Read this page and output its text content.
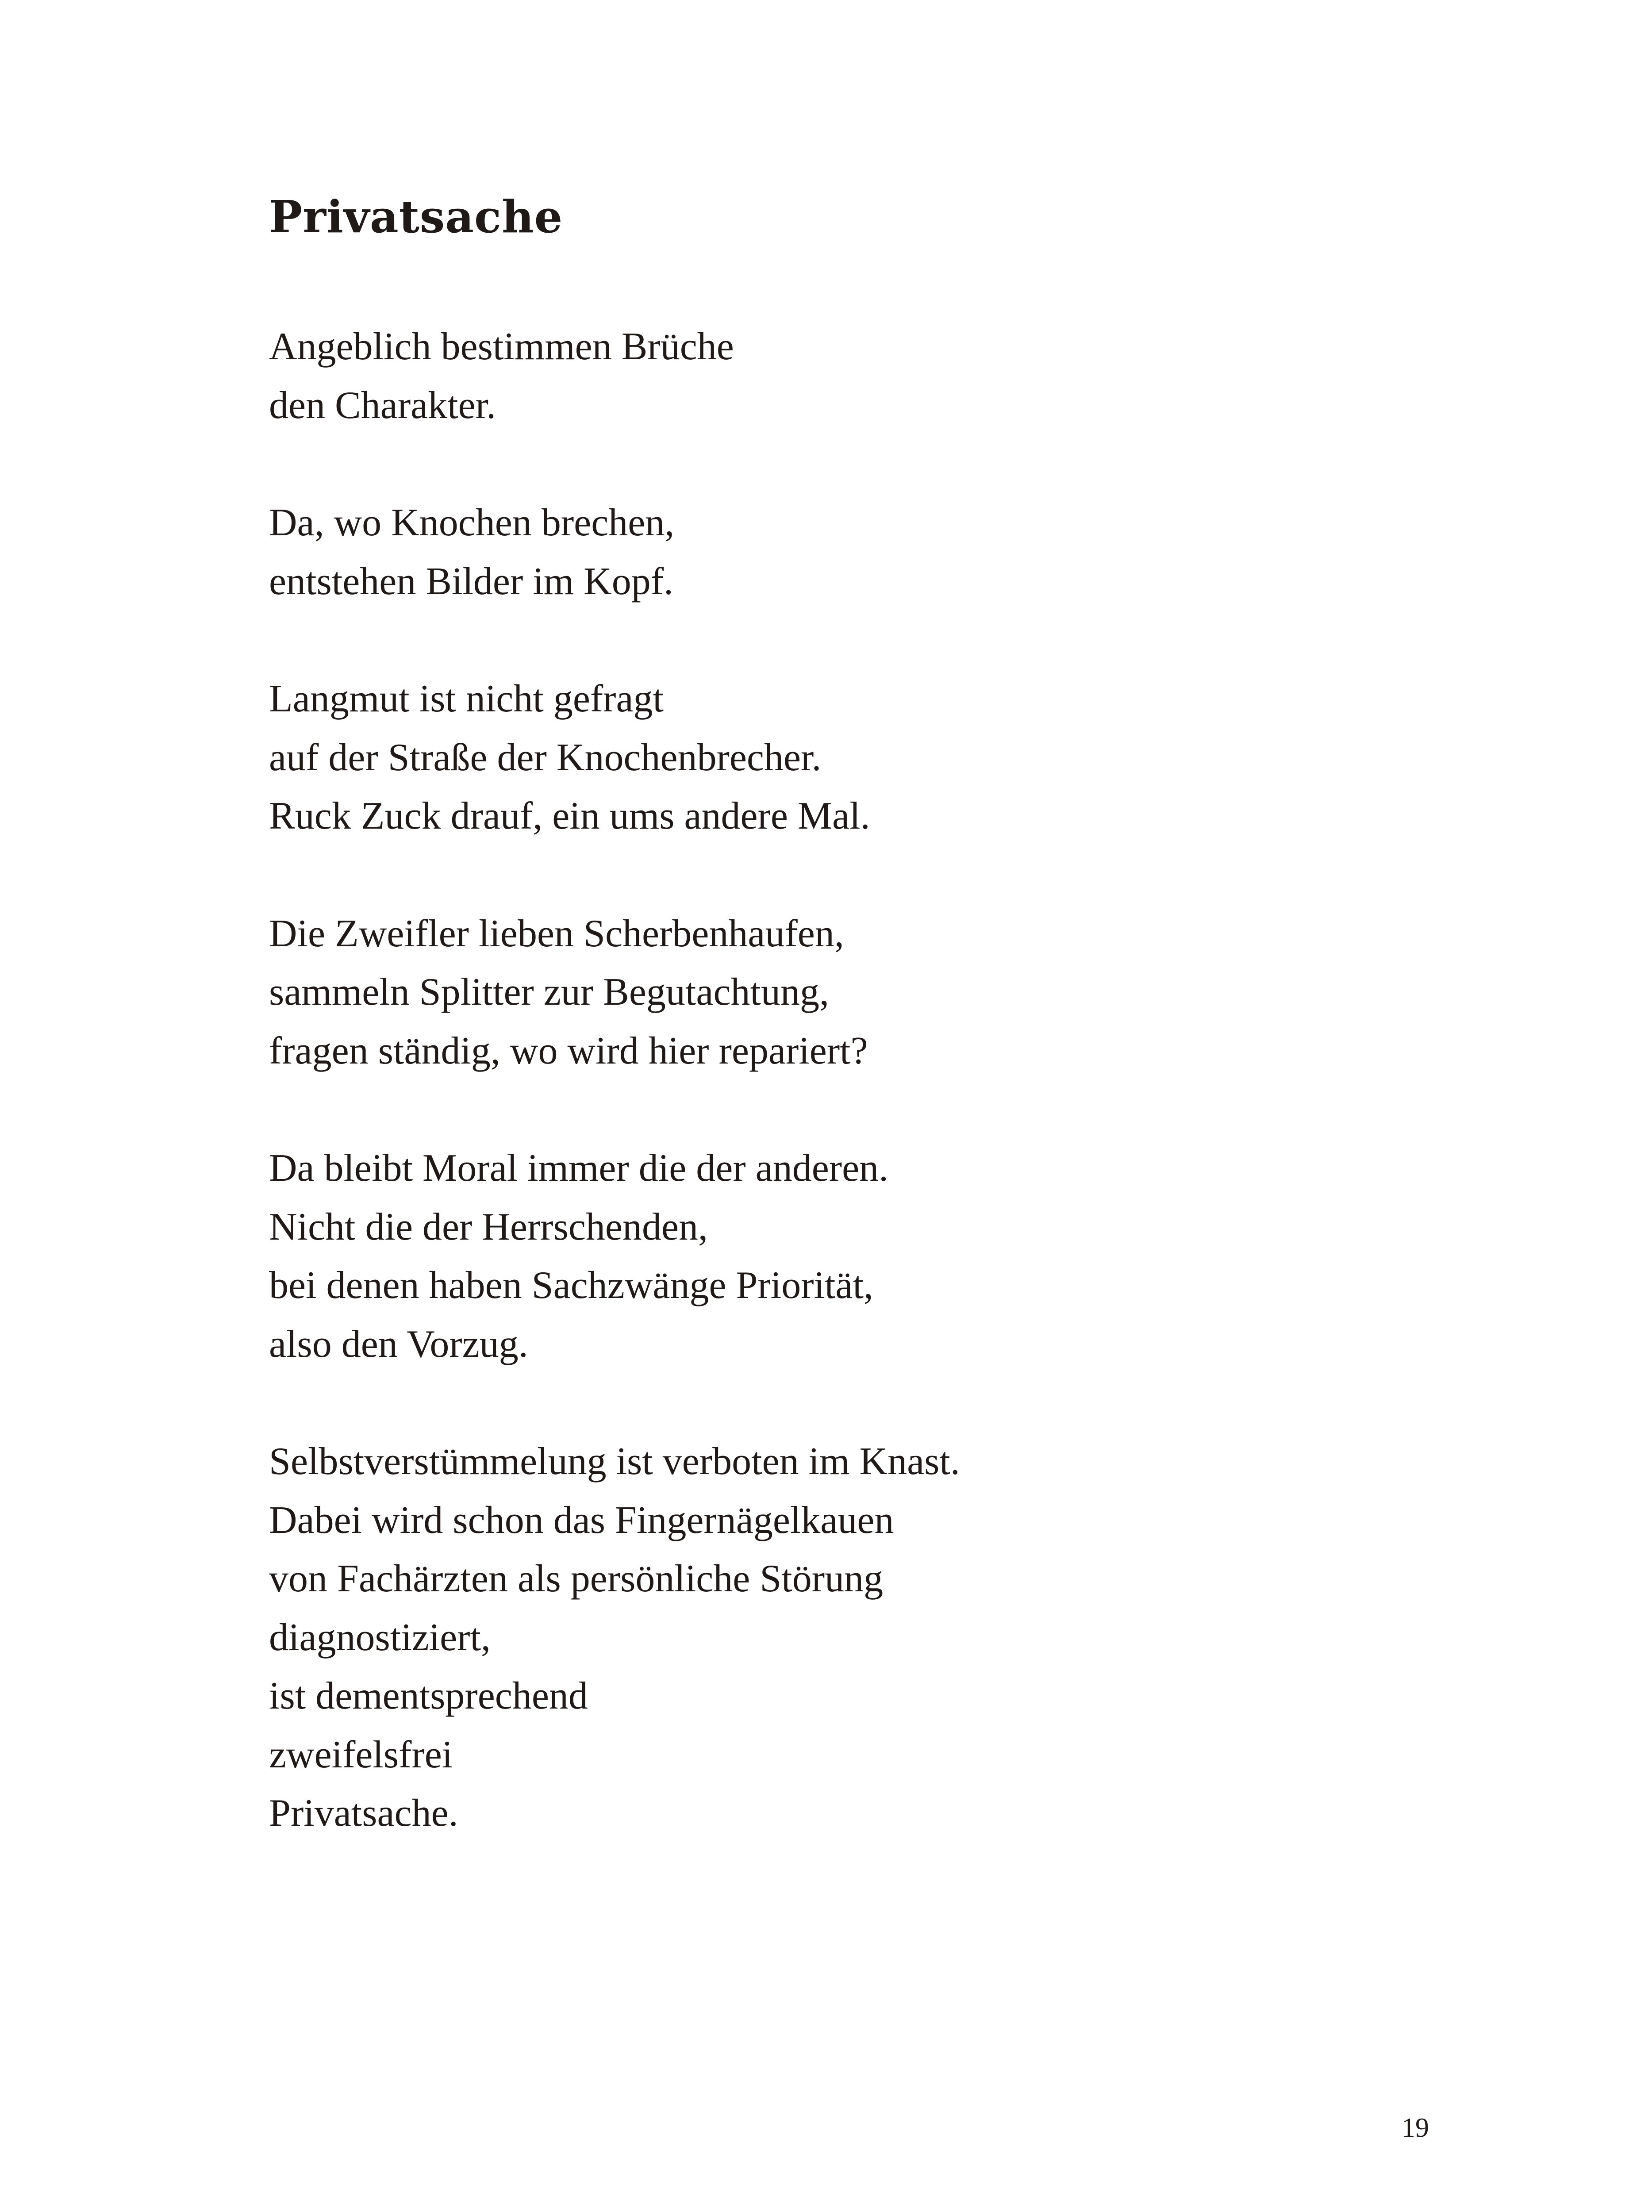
Privatsache

Angeblich bestimmen Brüche
den Charakter.

Da, wo Knochen brechen,
entstehen Bilder im Kopf.

Langmut ist nicht gefragt
auf der Straße der Knochenbrecher.
Ruck Zuck drauf, ein ums andere Mal.

Die Zweifler lieben Scherbenhaufen,
sammeln Splitter zur Begutachtung,
fragen ständig, wo wird hier repariert?

Da bleibt Moral immer die der anderen.
Nicht die der Herrschenden,
bei denen haben Sachzwänge Priorität,
also den Vorzug.

Selbstverstümmelung ist verboten im Knast.
Dabei wird schon das Fingernägelkauen
von Fachärzten als persönliche Störung
diagnostiziert,
ist dementsprechend
zweifelsfrei
Privatsache.

19
